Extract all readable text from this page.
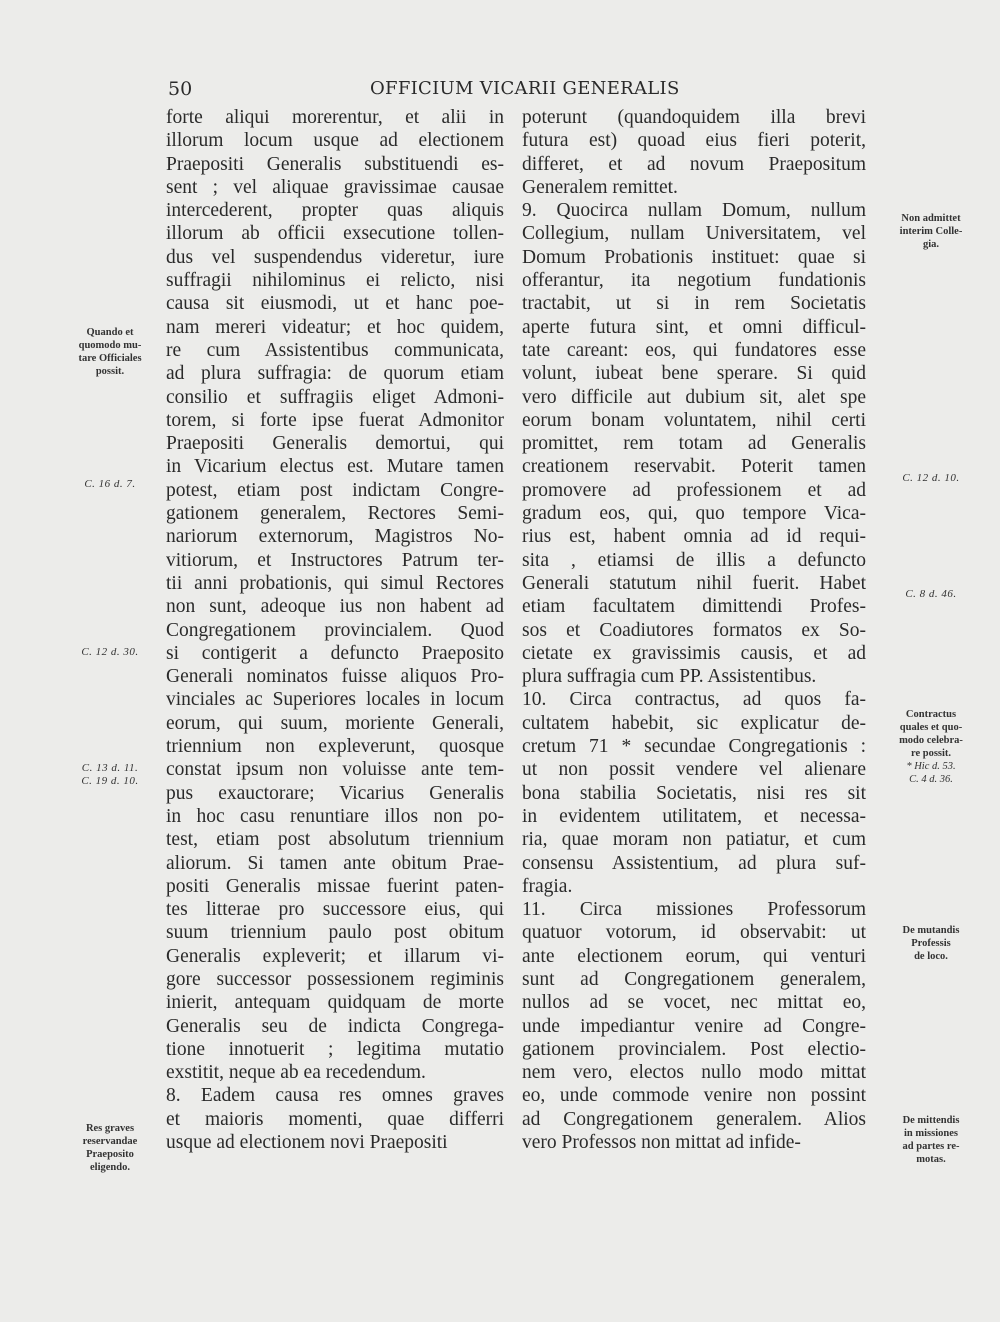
50	OFFICIUM VICARII GENERALIS
forte aliqui morerentur, et alii in
illorum locum usque ad electionem
Praepositi Generalis substituendi es-
sent ; vel aliquae gravissimae causae
intercederent, propter quas aliquis
illorum ab officii exsecutione tollen-
dus vel suspendendus videretur, iure
suffragii nihilominus ei relicto, nisi
causa sit eiusmodi, ut et hanc poe-
nam mereri videatur; et hoc quidem,
re cum Assistentibus communicata,
ad plura suffragia: de quorum etiam
consilio et suffragiis eliget Admoni-
torem, si forte ipse fuerat Admonitor
Praepositi Generalis demortui, qui
in Vicarium electus est. Mutare tamen
potest, etiam post indictam Congre-
gationem generalem, Rectores Semi-
nariorum externorum, Magistros No-
vitiorum, et Instructores Patrum ter-
tii anni probationis, qui simul Rectores
non sunt, adeoque ius non habent ad
Congregationem provincialem. Quod
si contigerit a defuncto Praeposito
Generali nominatos fuisse aliquos Pro-
vinciales ac Superiores locales in locum
eorum, qui suum, moriente Generali,
triennium non expleverunt, quosque
constat ipsum non voluisse ante tem-
pus exauctorare; Vicarius Generalis
in hoc casu renuntiare illos non po-
test, etiam post absolutum triennium
aliorum. Si tamen ante obitum Prae-
positi Generalis missae fuerint paten-
tes litterae pro successore eius, qui
suum triennium paulo post obitum
Generalis expleverit; et illarum vi-
gore successor possessionem regiminis
inierit, antequam quidquam de morte
Generalis seu de indicta Congrega-
tione innotuerit ; legitima mutatio
exstitit, neque ab ea recedendum.
8. Eadem causa res omnes graves
et maioris momenti, quae differri
usque ad electionem novi Praepositi
poterunt (quandoquidem illa brevi
futura est) quoad eius fieri poterit,
differet, et ad novum Praepositum
Generalem remittet.
9. Quocirca nullam Domum, nullum
Collegium, nullam Universitatem, vel
Domum Probationis instituet: quae si
offerantur, ita negotium fundationis
tractabit, ut si in rem Societatis
aperte futura sint, et omni difficul-
tate careant: eos, qui fundatores esse
volunt, iubeat bene sperare. Si quid
vero difficile aut dubium sit, alet spe
eorum bonam voluntatem, nihil certi
promittet, rem totam ad Generalis
creationem reservabit. Poterit tamen
promovere ad professionem et ad
gradum eos, qui, quo tempore Vica-
rius est, habent omnia ad id requi-
sita , etiamsi de illis a defuncto
Generali statutum nihil fuerit. Habet
etiam facultatem dimittendi Profes-
sos et Coadiutores formatos ex So-
cietate ex gravissimis causis, et ad
plura suffragia cum PP. Assistentibus.
10. Circa contractus, ad quos fa-
cultatem habebit, sic explicatur de-
cretum 71 * secundae Congregationis :
ut non possit vendere vel alienare
bona stabilia Societatis, nisi res sit
in evidentem utilitatem, et necessa-
ria, quae moram non patiatur, et cum
consensu Assistentium, ad plura suf-
fragia.
11. Circa missiones Professorum
quatuor votorum, id observabit: ut
ante electionem eorum, qui venturi
sunt ad Congregationem generalem,
nullos ad se vocet, nec mittat eo,
unde impediantur venire ad Congre-
gationem provincialem. Post electio-
nem vero, electos nullo modo mittat
eo, unde commode venire non possint
ad Congregationem generalem. Alios
vero Professos non mittat ad infide-
Quando et
quomodo mu-
tare Officiales
possit.
C. 16 d. 7.
C. 12 d. 30.
C. 13 d. 11.
C. 19 d. 10.
Res graves
reservandae
Praeposito
eligendo.
Non admittet
interim Colle-
gia.
C. 12 d. 10.
C. 8 d. 46.
Contractus
quales et quo-
modo celebra-
re possit.
* Hic d. 53.
C. 4 d. 36.
De mutandis
Professis
de loco.
De mittendis
in missiones
ad partes re-
motas.
